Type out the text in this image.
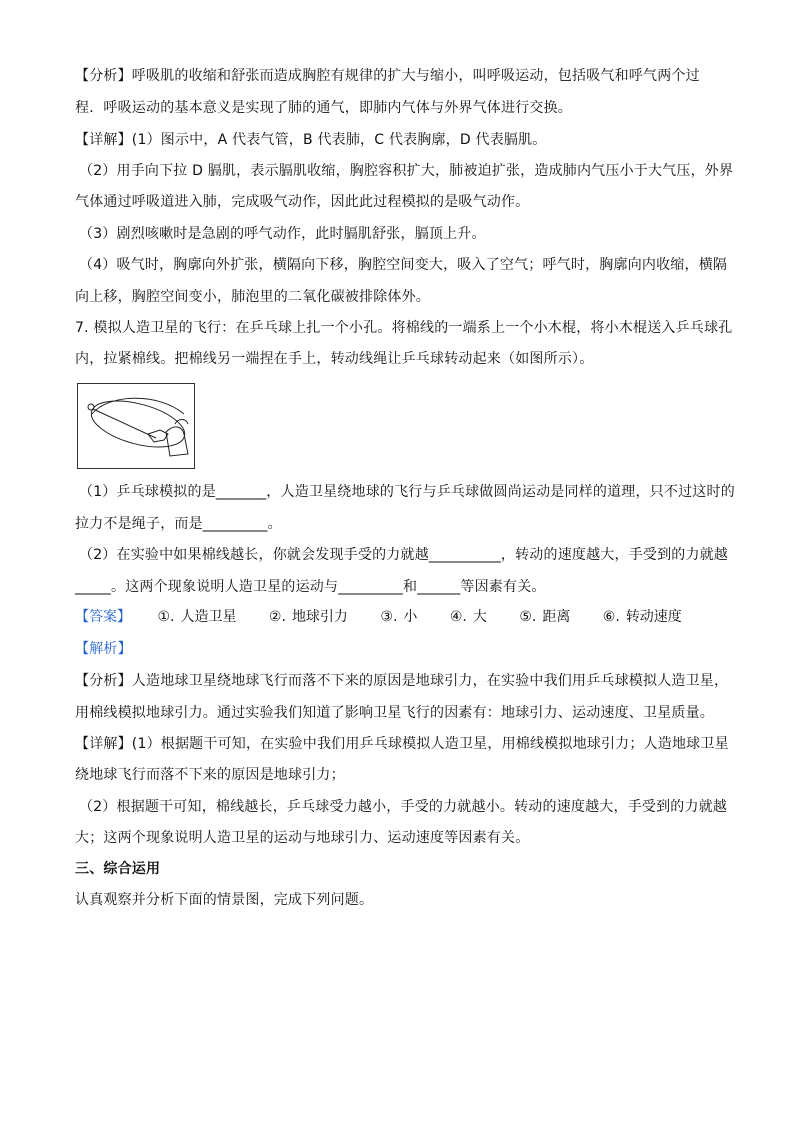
【分析】呼吸肌的收缩和舒张而造成胸腔有规律的扩大与缩小，叫呼吸运动，包括吸气和呼气两个过
程．呼吸运动的基本意义是实现了肺的通气，即肺内气体与外界气体进行交换。
【详解】(1）图示中，A 代表气管，B 代表肺，C 代表胸廓，D 代表膈肌。
（2）用手向下拉 D 膈肌，表示膈肌收缩，胸腔容积扩大，肺被迫扩张，造成肺内气压小于大气压，外界
气体通过呼吸道进入肺，完成吸气动作，因此此过程模拟的是吸气动作。
（3）剧烈咳嗽时是急剧的呼气动作，此时膈肌舒张，膈顶上升。
（4）吸气时，胸廓向外扩张，横隔向下移，胸腔空间变大，吸入了空气；呼气时，胸廓向内收缩，横隔
向上移，胸腔空间变小，肺泡里的二氧化碳被排除体外。
7. 模拟人造卫星的飞行：在乒乓球上扎一个小孔。将棉线的一端系上一个小木棍，将小木棍送入乒乓球孔
内，拉紧棉线。把棉线另一端捏在手上，转动线绳让乒乓球转动起来（如图所示）。
（1）乒乓球模拟的是_______，人造卫星绕地球的飞行与乒乓球做圆尚运动是同样的道理，只不过这时的
拉力不是绳子，而是_________。
（2）在实验中如果棉线越长，你就会发现手受的力就越__________，转动的速度越大，手受到的力就越
_____。这两个现象说明人造卫星的运动与_________和______等因素有关。
【答案】 ①. 人造卫星 ②. 地球引力 ③. 小 ④. 大 ⑤. 距离 ⑥. 转动速度
【解析】
【分析】人造地球卫星绕地球飞行而落不下来的原因是地球引力，在实验中我们用乒乓球模拟人造卫星，
用棉线模拟地球引力。通过实验我们知道了影响卫星飞行的因素有：地球引力、运动速度、卫星质量。
【详解】(1）根据题干可知，在实验中我们用乒乓球模拟人造卫星，用棉线模拟地球引力；人造地球卫星
绕地球飞行而落不下来的原因是地球引力；
（2）根据题干可知，棉线越长，乒乓球受力越小，手受的力就越小。转动的速度越大，手受到的力就越
大；这两个现象说明人造卫星的运动与地球引力、运动速度等因素有关。
三、综合运用
认真观察并分析下面的情景图，完成下列问题。
